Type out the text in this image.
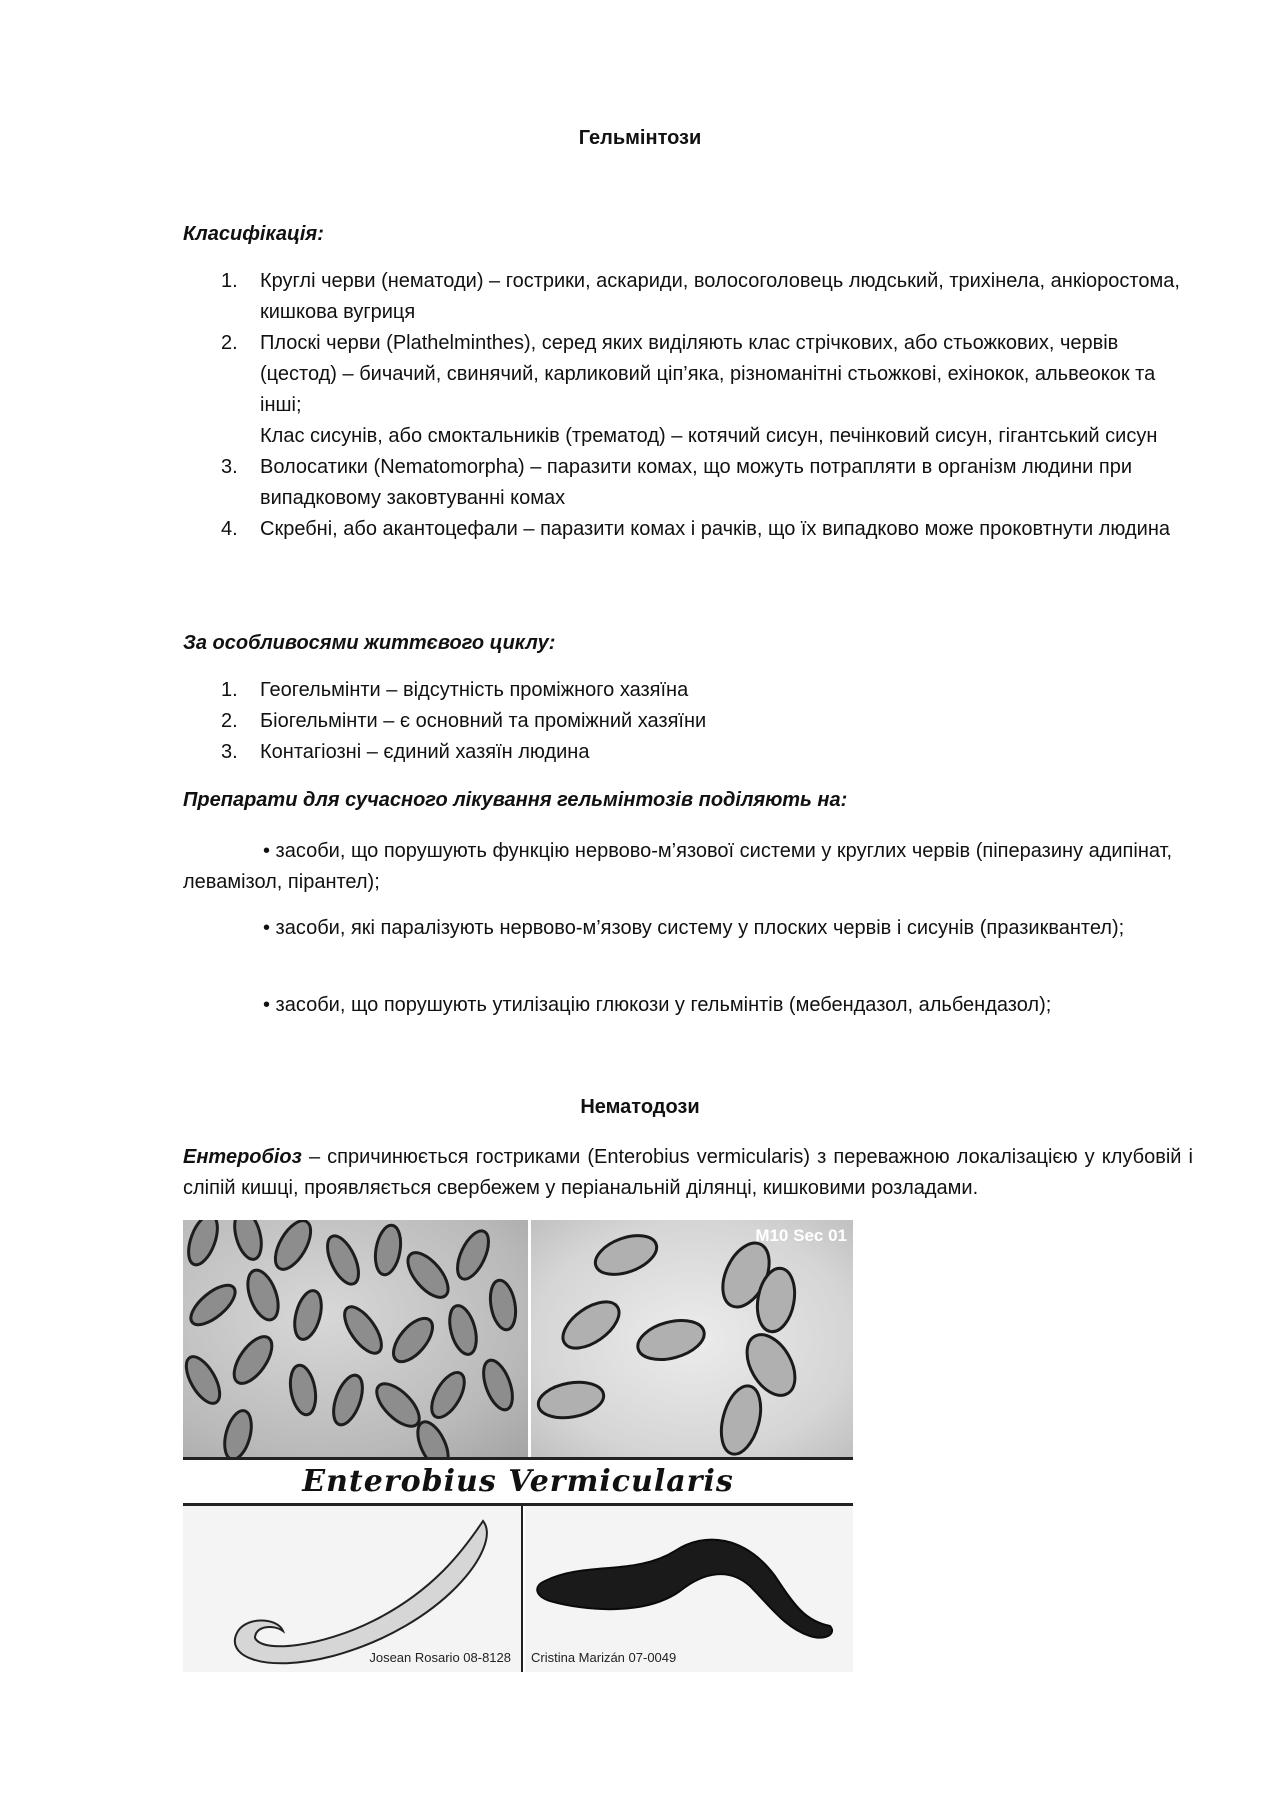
Гельмінтози
Класифікація:
1. Круглі черви (нематоди) – гострики, аскариди, волосоголовець людський, трихінела, анкіоростома, кишкова вугриця

2. Плоскі черви (Plathelminthes), серед яких виділяють клас стрічкових, або стьожкових, червів (цестод) – бичачий, свинячий, карликовий ціп’яка, різноманітні стьожкові, ехінокок, альвеокок та інші;

Клас сисунів, або смоктальників (трематод) – котячий сисун, печінковий сисун, гігантський сисун

3. Волосатики (Nematomorpha) – паразити комах, що можуть потрапляти в організм людини при випадковому заковтуванні комах

4. Скребні, або акантоцефали – паразити комах і рачків, що їх випадково може проковтнути людина

За особливосями життєвого циклу:
1. Геогельмінти – відсутність проміжного хазяїна

2. Біогельмінти – є основний та проміжний хазяїни

3. Контагіозні – єдиний хазяїн людина

Препарати для сучасного лікування гельмінтозів поділяють на:
• засоби, що порушують функцію нервово-м’язової системи у круглих червів (піперазину адипінат, левамізол, пірантел);
• засоби, які паралізують нервово-м’язову систему у плоских червів і сисунів (празиквантел);
• засоби, що порушують утилізацію глюкози у гельмінтів (мебендазол, альбендазол);
Нематодози
Ентеробіоз – спричинюється гостриками (Enterobius vermicularis) з переважною локалізацією у клубовій і сліпій кишці, проявляється свербежем у періанальній ділянці, кишковими розладами.
M10 Sec 01
Enterobius Vermicularis
Josean Rosario 08-8128 Cristina Marizán 07-0049
